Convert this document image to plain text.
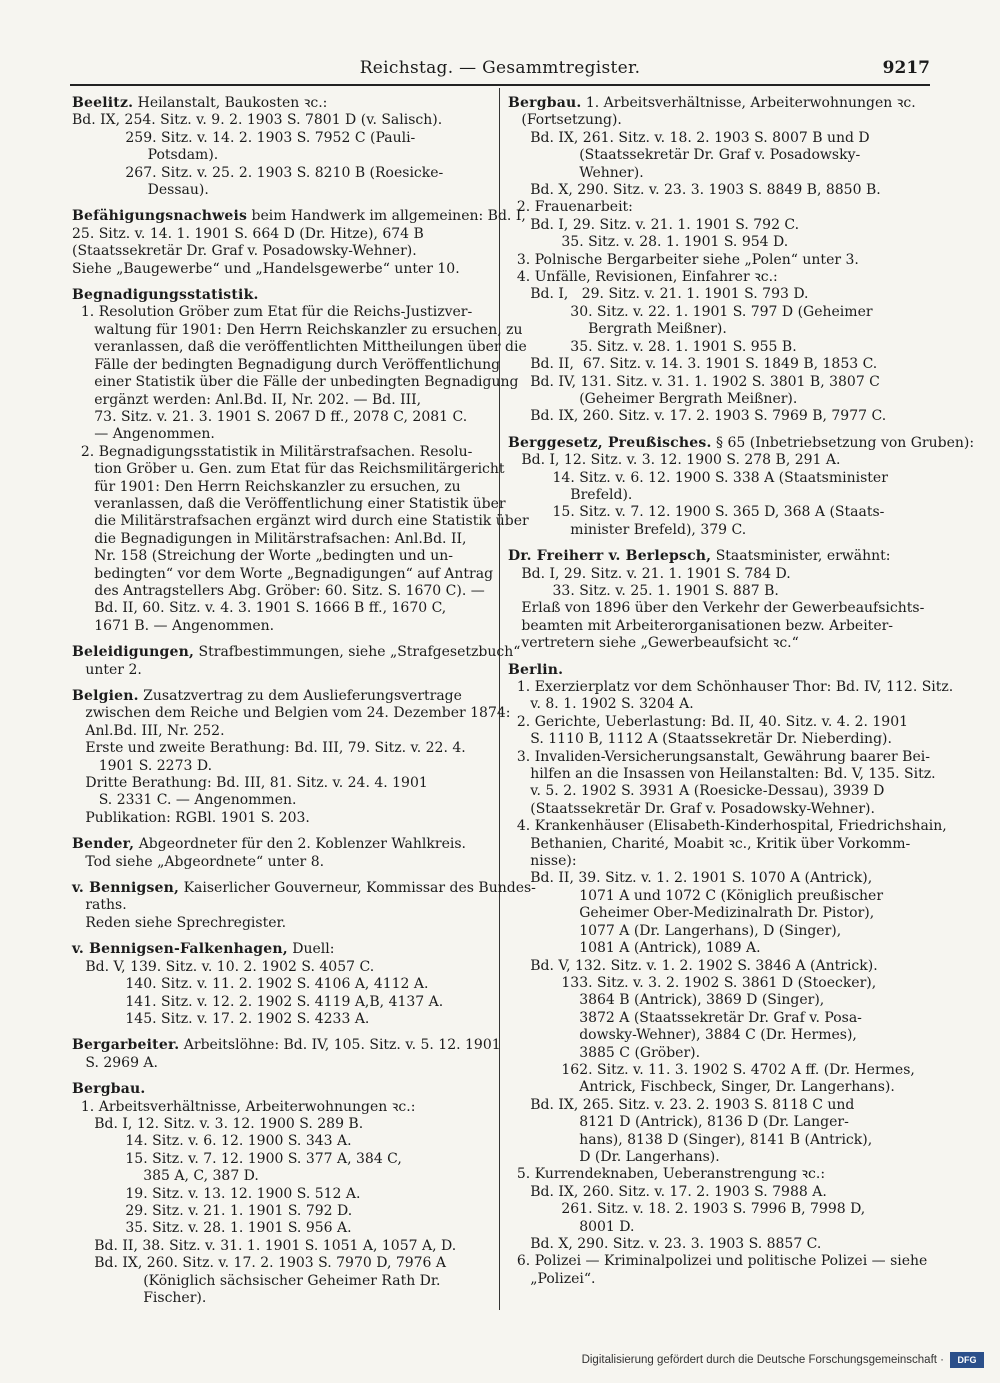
Reichstag. — Gesammtregister.	9217
Beelitz. Heilanstalt, Baukosten ꝛc.:
Bd. IX, 254. Sitz. v. 9. 2. 1903 S. 7801 D (v. Salisch).
259. Sitz. v. 14. 2. 1903 S. 7952 C (Pauli-
Potsdam).
267. Sitz. v. 25. 2. 1903 S. 8210 B (Roesicke-
Dessau).
Befähigungsnachweis beim Handwerk im allgemeinen: Bd. I,
25. Sitz. v. 14. 1. 1901 S. 664 D (Dr. Hitze), 674 B
(Staatssekretär Dr. Graf v. Posadowsky-Wehner).
Siehe „Baugewerbe“ und „Handelsgewerbe“ unter 10.
Begnadigungsstatistik.
1. Resolution Gröber zum Etat für die Reichs-Justizver-
waltung für 1901: Den Herrn Reichskanzler zu ersuchen, zu
veranlassen, daß die veröffentlichten Mittheilungen über die
Fälle der bedingten Begnadigung durch Veröffentlichung
einer Statistik über die Fälle der unbedingten Begnadigung
ergänzt werden: Anl.Bd. II, Nr. 202. — Bd. III,
73. Sitz. v. 21. 3. 1901 S. 2067 D ff., 2078 C, 2081 C.
— Angenommen.
2. Begnadigungsstatistik in Militärstrafsachen. Resolu-
tion Gröber u. Gen. zum Etat für das Reichsmilitärgericht
für 1901: Den Herrn Reichskanzler zu ersuchen, zu
veranlassen, daß die Veröffentlichung einer Statistik über
die Militärstrafsachen ergänzt wird durch eine Statistik über
die Begnadigungen in Militärstrafsachen: Anl.Bd. II,
Nr. 158 (Streichung der Worte „bedingten und un-
bedingten“ vor dem Worte „Begnadigungen“ auf Antrag
des Antragstellers Abg. Gröber: 60. Sitz. S. 1670 C). —
Bd. II, 60. Sitz. v. 4. 3. 1901 S. 1666 B ff., 1670 C,
1671 B. — Angenommen.
Beleidigungen, Strafbestimmungen, siehe „Strafgesetzbuch“
unter 2.
Belgien. Zusatzvertrag zu dem Auslieferungsvertrage
zwischen dem Reiche und Belgien vom 24. Dezember 1874:
Anl.Bd. III, Nr. 252.
Erste und zweite Berathung: Bd. III, 79. Sitz. v. 22. 4.
1901 S. 2273 D.
Dritte Berathung: Bd. III, 81. Sitz. v. 24. 4. 1901
S. 2331 C. — Angenommen.
Publikation: RGBl. 1901 S. 203.
Bender, Abgeordneter für den 2. Koblenzer Wahlkreis.
Tod siehe „Abgeordnete“ unter 8.
v. Bennigsen, Kaiserlicher Gouverneur, Kommissar des Bundes-
raths.
Reden siehe Sprechregister.
v. Bennigsen-Falkenhagen, Duell:
Bd. V, 139. Sitz. v. 10. 2. 1902 S. 4057 C.
140. Sitz. v. 11. 2. 1902 S. 4106 A, 4112 A.
141. Sitz. v. 12. 2. 1902 S. 4119 A,B, 4137 A.
145. Sitz. v. 17. 2. 1902 S. 4233 A.
Bergarbeiter. Arbeitslöhne: Bd. IV, 105. Sitz. v. 5. 12. 1901
S. 2969 A.
Bergbau.
1. Arbeitsverhältnisse, Arbeiterwohnungen ꝛc.:
Bd. I, 12. Sitz. v. 3. 12. 1900 S. 289 B.
14. Sitz. v. 6. 12. 1900 S. 343 A.
15. Sitz. v. 7. 12. 1900 S. 377 A, 384 C,
385 A, C, 387 D.
19. Sitz. v. 13. 12. 1900 S. 512 A.
29. Sitz. v. 21. 1. 1901 S. 792 D.
35. Sitz. v. 28. 1. 1901 S. 956 A.
Bd. II, 38. Sitz. v. 31. 1. 1901 S. 1051 A, 1057 A, D.
Bd. IX, 260. Sitz. v. 17. 2. 1903 S. 7970 D, 7976 A
(Königlich sächsischer Geheimer Rath Dr.
Fischer).
Bergbau. 1. Arbeitsverhältnisse, Arbeiterwohnungen ꝛc.
(Fortsetzung).
Bd. IX, 261. Sitz. v. 18. 2. 1903 S. 8007 B und D
(Staatssekretär Dr. Graf v. Posadowsky-
Wehner).
Bd. X, 290. Sitz. v. 23. 3. 1903 S. 8849 B, 8850 B.
2. Frauenarbeit:
Bd. I, 29. Sitz. v. 21. 1. 1901 S. 792 C.
35. Sitz. v. 28. 1. 1901 S. 954 D.
3. Polnische Bergarbeiter siehe „Polen“ unter 3.
4. Unfälle, Revisionen, Einfahrer ꝛc.:
Bd. I,   29. Sitz. v. 21. 1. 1901 S. 793 D.
30. Sitz. v. 22. 1. 1901 S. 797 D (Geheimer
Bergrath Meißner).
35. Sitz. v. 28. 1. 1901 S. 955 B.
Bd. II,  67. Sitz. v. 14. 3. 1901 S. 1849 B, 1853 C.
Bd. IV, 131. Sitz. v. 31. 1. 1902 S. 3801 B, 3807 C
(Geheimer Bergrath Meißner).
Bd. IX, 260. Sitz. v. 17. 2. 1903 S. 7969 B, 7977 C.
Berggesetz, Preußisches. § 65 (Inbetriebsetzung von Gruben):
Bd. I, 12. Sitz. v. 3. 12. 1900 S. 278 B, 291 A.
14. Sitz. v. 6. 12. 1900 S. 338 A (Staatsminister
Brefeld).
15. Sitz. v. 7. 12. 1900 S. 365 D, 368 A (Staats-
minister Brefeld), 379 C.
Dr. Freiherr v. Berlepsch, Staatsminister, erwähnt:
Bd. I, 29. Sitz. v. 21. 1. 1901 S. 784 D.
33. Sitz. v. 25. 1. 1901 S. 887 B.
Erlaß von 1896 über den Verkehr der Gewerbeaufsichts-
beamten mit Arbeiterorganisationen bezw. Arbeiter-
vertretern siehe „Gewerbeaufsicht ꝛc.“
Berlin.
1. Exerzierplatz vor dem Schönhauser Thor: Bd. IV, 112. Sitz.
v. 8. 1. 1902 S. 3204 A.
2. Gerichte, Ueberlastung: Bd. II, 40. Sitz. v. 4. 2. 1901
S. 1110 B, 1112 A (Staatssekretär Dr. Nieberding).
3. Invaliden-Versicherungsanstalt, Gewährung baarer Bei-
hilfen an die Insassen von Heilanstalten: Bd. V, 135. Sitz.
v. 5. 2. 1902 S. 3931 A (Roesicke-Dessau), 3939 D
(Staatssekretär Dr. Graf v. Posadowsky-Wehner).
4. Krankenhäuser (Elisabeth-Kinderhospital, Friedrichshain,
Bethanien, Charité, Moabit ꝛc., Kritik über Vorkomm-
nisse):
Bd. II, 39. Sitz. v. 1. 2. 1901 S. 1070 A (Antrick),
1071 A und 1072 C (Königlich preußischer
Geheimer Ober-Medizinalrath Dr. Pistor),
1077 A (Dr. Langerhans), D (Singer),
1081 A (Antrick), 1089 A.
Bd. V, 132. Sitz. v. 1. 2. 1902 S. 3846 A (Antrick).
133. Sitz. v. 3. 2. 1902 S. 3861 D (Stoecker),
3864 B (Antrick), 3869 D (Singer),
3872 A (Staatssekretär Dr. Graf v. Posa-
dowsky-Wehner), 3884 C (Dr. Hermes),
3885 C (Gröber).
162. Sitz. v. 11. 3. 1902 S. 4702 A ff. (Dr. Hermes,
Antrick, Fischbeck, Singer, Dr. Langerhans).
Bd. IX, 265. Sitz. v. 23. 2. 1903 S. 8118 C und
8121 D (Antrick), 8136 D (Dr. Langer-
hans), 8138 D (Singer), 8141 B (Antrick),
D (Dr. Langerhans).
5. Kurrendeknaben, Ueberanstrengung ꝛc.:
Bd. IX, 260. Sitz. v. 17. 2. 1903 S. 7988 A.
261. Sitz. v. 18. 2. 1903 S. 7996 B, 7998 D,
8001 D.
Bd. X, 290. Sitz. v. 23. 3. 1903 S. 8857 C.
6. Polizei — Kriminalpolizei und politische Polizei — siehe
„Polizei“.
Digitalisierung gefördert durch die Deutsche Forschungsgemeinschaft ·	DFG
